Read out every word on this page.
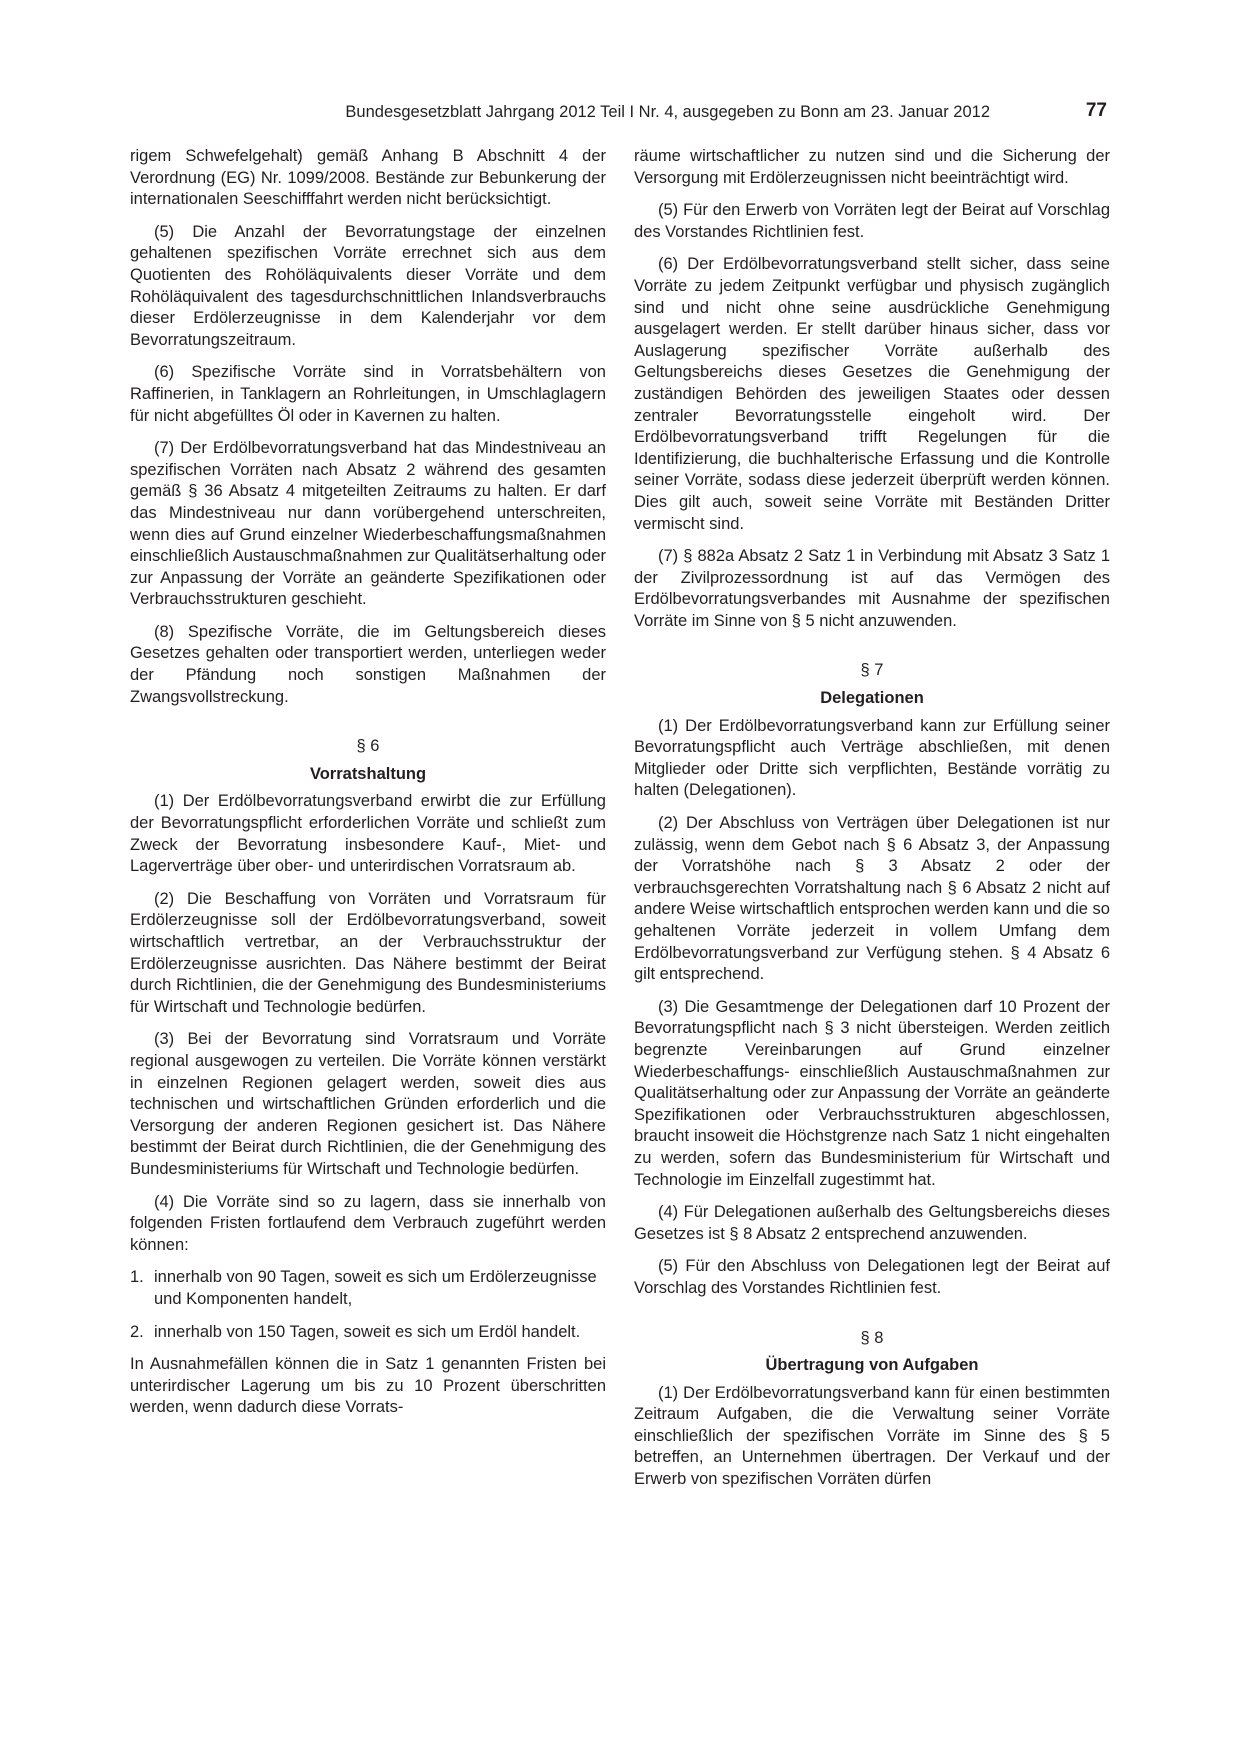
Bundesgesetzblatt Jahrgang 2012 Teil I Nr. 4, ausgegeben zu Bonn am 23. Januar 2012	77

rigem Schwefelgehalt) gemäß Anhang B Abschnitt 4 der Verordnung (EG) Nr. 1099/2008. Bestände zur Bebunkerung der internationalen Seeschifffahrt werden nicht berücksichtigt.

(5) Die Anzahl der Bevorratungstage der einzelnen gehaltenen spezifischen Vorräte errechnet sich aus dem Quotienten des Rohöläquivalents dieser Vorräte und dem Rohöläquivalent des tagesdurchschnittlichen Inlandsverbrauchs dieser Erdölerzeugnisse in dem Kalenderjahr vor dem Bevorratungszeitraum.

(6) Spezifische Vorräte sind in Vorratsbehältern von Raffinerien, in Tanklagern an Rohrleitungen, in Umschlaglagern für nicht abgefülltes Öl oder in Kavernen zu halten.

(7) Der Erdölbevorratungsverband hat das Mindestniveau an spezifischen Vorräten nach Absatz 2 während des gesamten gemäß § 36 Absatz 4 mitgeteilten Zeitraums zu halten. Er darf das Mindestniveau nur dann vorübergehend unterschreiten, wenn dies auf Grund einzelner Wiederbeschaffungsmaßnahmen einschließlich Austauschmaßnahmen zur Qualitätserhaltung oder zur Anpassung der Vorräte an geänderte Spezifikationen oder Verbrauchsstrukturen geschieht.

(8) Spezifische Vorräte, die im Geltungsbereich dieses Gesetzes gehalten oder transportiert werden, unterliegen weder der Pfändung noch sonstigen Maßnahmen der Zwangsvollstreckung.

§ 6
Vorratshaltung

(1) Der Erdölbevorratungsverband erwirbt die zur Erfüllung der Bevorratungspflicht erforderlichen Vorräte und schließt zum Zweck der Bevorratung insbesondere Kauf-, Miet- und Lagerverträge über ober- und unterirdischen Vorratsraum ab.

(2) Die Beschaffung von Vorräten und Vorratsraum für Erdölerzeugnisse soll der Erdölbevorratungsverband, soweit wirtschaftlich vertretbar, an der Verbrauchsstruktur der Erdölerzeugnisse ausrichten. Das Nähere bestimmt der Beirat durch Richtlinien, die der Genehmigung des Bundesministeriums für Wirtschaft und Technologie bedürfen.

(3) Bei der Bevorratung sind Vorratsraum und Vorräte regional ausgewogen zu verteilen. Die Vorräte können verstärkt in einzelnen Regionen gelagert werden, soweit dies aus technischen und wirtschaftlichen Gründen erforderlich und die Versorgung der anderen Regionen gesichert ist. Das Nähere bestimmt der Beirat durch Richtlinien, die der Genehmigung des Bundesministeriums für Wirtschaft und Technologie bedürfen.

(4) Die Vorräte sind so zu lagern, dass sie innerhalb von folgenden Fristen fortlaufend dem Verbrauch zugeführt werden können:

1. innerhalb von 90 Tagen, soweit es sich um Erdölerzeugnisse und Komponenten handelt,
2. innerhalb von 150 Tagen, soweit es sich um Erdöl handelt.

In Ausnahmefällen können die in Satz 1 genannten Fristen bei unterirdischer Lagerung um bis zu 10 Prozent überschritten werden, wenn dadurch diese Vorrats-

räume wirtschaftlicher zu nutzen sind und die Sicherung der Versorgung mit Erdölerzeugnissen nicht beeinträchtigt wird.

(5) Für den Erwerb von Vorräten legt der Beirat auf Vorschlag des Vorstandes Richtlinien fest.

(6) Der Erdölbevorratungsverband stellt sicher, dass seine Vorräte zu jedem Zeitpunkt verfügbar und physisch zugänglich sind und nicht ohne seine ausdrückliche Genehmigung ausgelagert werden. Er stellt darüber hinaus sicher, dass vor Auslagerung spezifischer Vorräte außerhalb des Geltungsbereichs dieses Gesetzes die Genehmigung der zuständigen Behörden des jeweiligen Staates oder dessen zentraler Bevorratungsstelle eingeholt wird. Der Erdölbevorratungsverband trifft Regelungen für die Identifizierung, die buchhalterische Erfassung und die Kontrolle seiner Vorräte, sodass diese jederzeit überprüft werden können. Dies gilt auch, soweit seine Vorräte mit Beständen Dritter vermischt sind.

(7) § 882a Absatz 2 Satz 1 in Verbindung mit Absatz 3 Satz 1 der Zivilprozessordnung ist auf das Vermögen des Erdölbevorratungsverbandes mit Ausnahme der spezifischen Vorräte im Sinne von § 5 nicht anzuwenden.

§ 7
Delegationen

(1) Der Erdölbevorratungsverband kann zur Erfüllung seiner Bevorratungspflicht auch Verträge abschließen, mit denen Mitglieder oder Dritte sich verpflichten, Bestände vorrätig zu halten (Delegationen).

(2) Der Abschluss von Verträgen über Delegationen ist nur zulässig, wenn dem Gebot nach § 6 Absatz 3, der Anpassung der Vorratshöhe nach § 3 Absatz 2 oder der verbrauchsgerechten Vorratshaltung nach § 6 Absatz 2 nicht auf andere Weise wirtschaftlich entsprochen werden kann und die so gehaltenen Vorräte jederzeit in vollem Umfang dem Erdölbevorratungsverband zur Verfügung stehen. § 4 Absatz 6 gilt entsprechend.

(3) Die Gesamtmenge der Delegationen darf 10 Prozent der Bevorratungspflicht nach § 3 nicht übersteigen. Werden zeitlich begrenzte Vereinbarungen auf Grund einzelner Wiederbeschaffungs- einschließlich Austauschmaßnahmen zur Qualitätserhaltung oder zur Anpassung der Vorräte an geänderte Spezifikationen oder Verbrauchsstrukturen abgeschlossen, braucht insoweit die Höchstgrenze nach Satz 1 nicht eingehalten zu werden, sofern das Bundesministerium für Wirtschaft und Technologie im Einzelfall zugestimmt hat.

(4) Für Delegationen außerhalb des Geltungsbereichs dieses Gesetzes ist § 8 Absatz 2 entsprechend anzuwenden.

(5) Für den Abschluss von Delegationen legt der Beirat auf Vorschlag des Vorstandes Richtlinien fest.

§ 8
Übertragung von Aufgaben

(1) Der Erdölbevorratungsverband kann für einen bestimmten Zeitraum Aufgaben, die die Verwaltung seiner Vorräte einschließlich der spezifischen Vorräte im Sinne des § 5 betreffen, an Unternehmen übertragen. Der Verkauf und der Erwerb von spezifischen Vorräten dürfen
